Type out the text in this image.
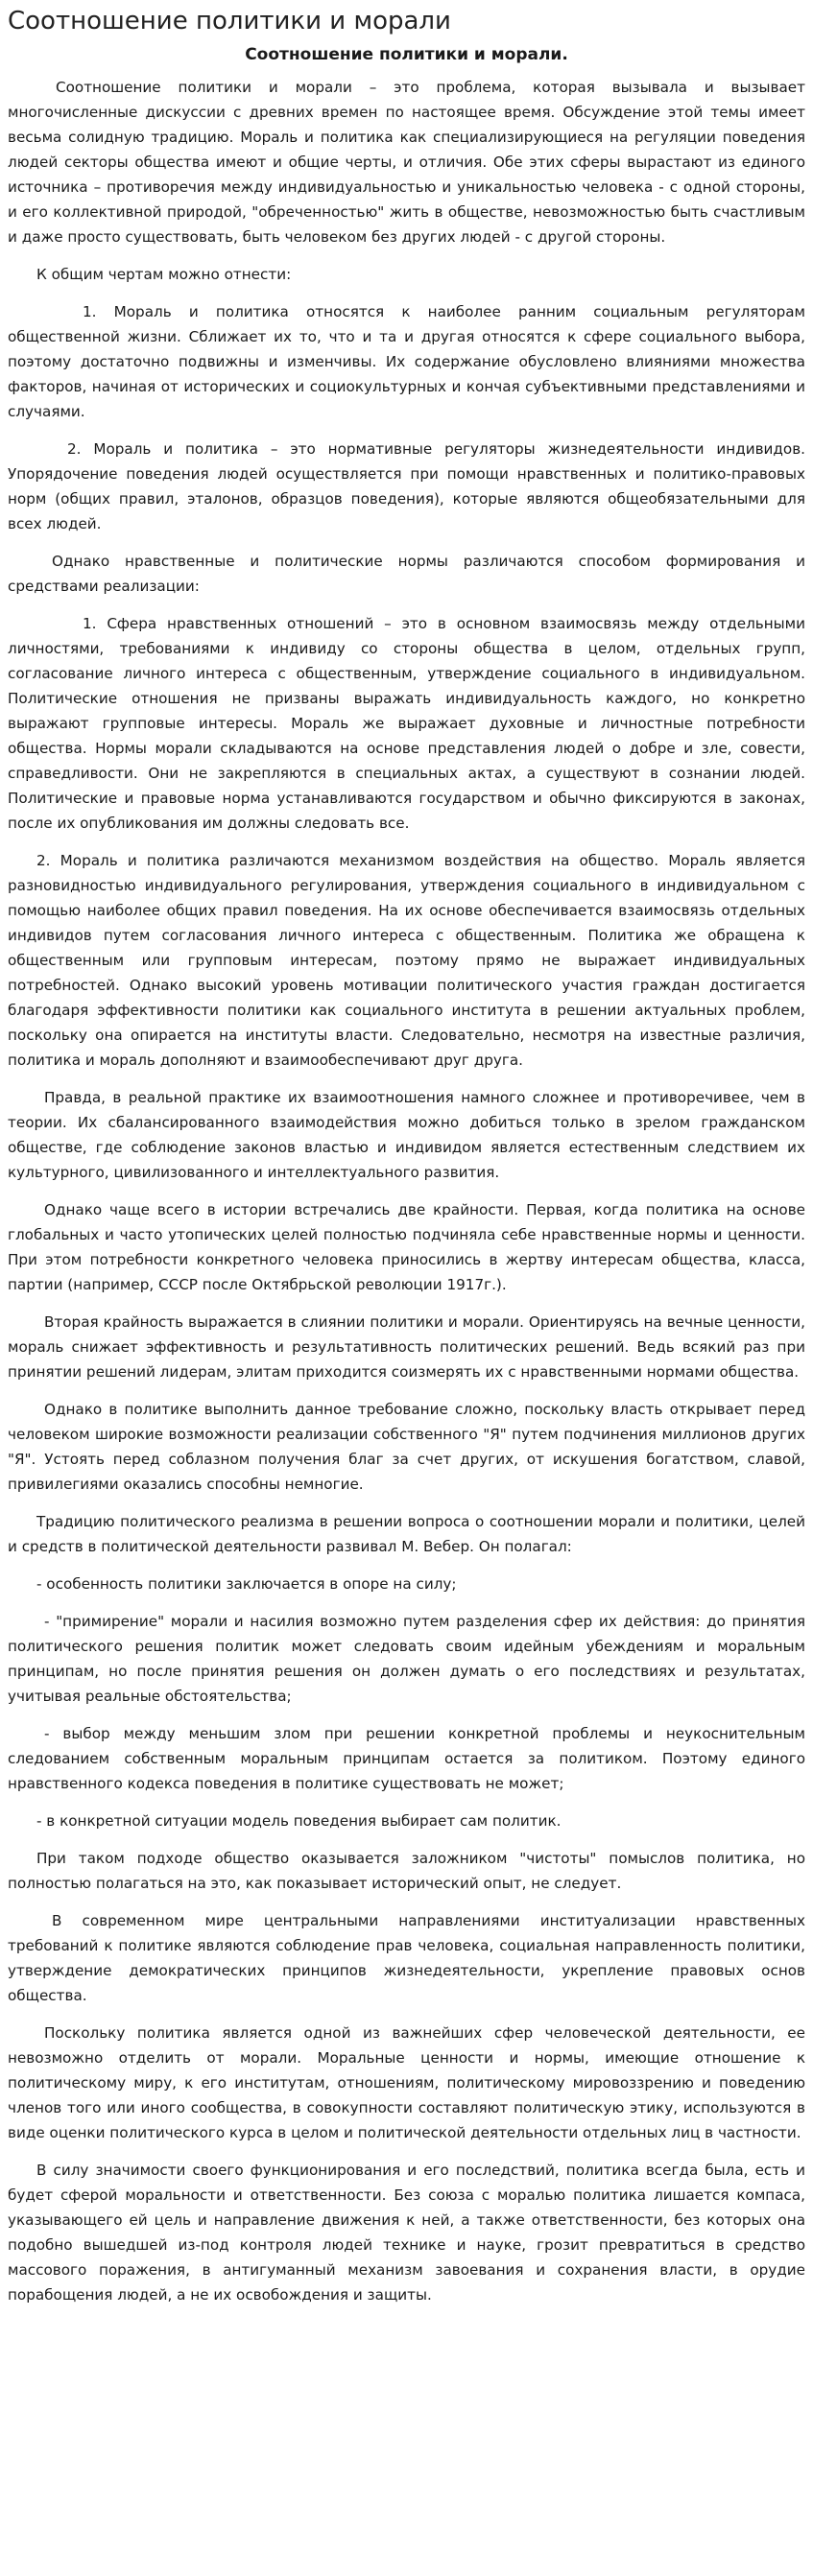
Соотношение политики и морали
Соотношение политики и морали.

Соотношение политики и морали – это проблема, которая вызывала и вызывает многочисленные дискуссии с древних времен по настоящее время. Обсуждение этой темы имеет весьма солидную традицию. Мораль и политика как специализирующиеся на регуляции поведения людей секторы общества имеют и общие черты, и отличия. Обе этих сферы вырастают из единого источника – противоречия между индивидуальностью и уникальностью человека - с одной стороны, и его коллективной природой, "обреченностью" жить в обществе, невозможностью быть счастливым и даже просто существовать, быть человеком без других людей - с другой стороны.

К общим чертам можно отнести:

1. Мораль и политика относятся к наиболее ранним социальным регуляторам общественной жизни. Сближает их то, что и та и другая относятся к сфере социального выбора, поэтому достаточно подвижны и изменчивы. Их содержание обусловлено влияниями множества факторов, начиная от исторических и социокультурных и кончая субъективными представлениями и случаями.

2. Мораль и политика – это нормативные регуляторы жизнедеятельности индивидов. Упорядочение поведения людей осуществляется при помощи нравственных и политико-правовых норм (общих правил, эталонов, образцов поведения), которые являются общеобязательными для всех людей.

Однако нравственные и политические нормы различаются способом формирования и средствами реализации:

1. Сфера нравственных отношений – это в основном взаимосвязь между отдельными личностями, требованиями к индивиду со стороны общества в целом, отдельных групп, согласование личного интереса с общественным, утверждение социального в индивидуальном. Политические отношения не призваны выражать индивидуальность каждого, но конкретно выражают групповые интересы. Мораль же выражает духовные и личностные потребности общества. Нормы морали складываются на основе представления людей о добре и зле, совести, справедливости. Они не закрепляются в специальных актах, а существуют в сознании людей. Политические и правовые норма устанавливаются государством и обычно фиксируются в законах, после их опубликования им должны следовать все.

2. Мораль и политика различаются механизмом воздействия на общество. Мораль является разновидностью индивидуального регулирования, утверждения социального в индивидуальном с помощью наиболее общих правил поведения. На их основе обеспечивается взаимосвязь отдельных индивидов путем согласования личного интереса с общественным. Политика же обращена к общественным или групповым интересам, поэтому прямо не выражает индивидуальных потребностей. Однако высокий уровень мотивации политического участия граждан достигается благодаря эффективности политики как социального института в решении актуальных проблем, поскольку она опирается на институты власти. Следовательно, несмотря на известные различия, политика и мораль дополняют и взаимообеспечивают друг друга.

Правда, в реальной практике их взаимоотношения намного сложнее и противоречивее, чем в теории. Их сбалансированного взаимодействия можно добиться только в зрелом гражданском обществе, где соблюдение законов властью и индивидом является естественным следствием их культурного, цивилизованного и интеллектуального развития.

Однако чаще всего в истории встречались две крайности. Первая, когда политика на основе глобальных и часто утопических целей полностью подчиняла себе нравственные нормы и ценности. При этом потребности конкретного человека приносились в жертву интересам общества, класса, партии (например, СССР после Октябрьской революции 1917г.).

Вторая крайность выражается в слиянии политики и морали. Ориентируясь на вечные ценности, мораль снижает эффективность и результативность политических решений. Ведь всякий раз при принятии решений лидерам, элитам приходится соизмерять их с нравственными нормами общества.

Однако в политике выполнить данное требование сложно, поскольку власть открывает перед человеком широкие возможности реализации собственного "Я" путем подчинения миллионов других "Я". Устоять перед соблазном получения благ за счет других, от искушения богатством, славой, привилегиями оказались способны немногие.

Традицию политического реализма в решении вопроса о соотношении морали и политики, целей и средств в политической деятельности развивал М. Вебер. Он полагал:

- особенность политики заключается в опоре на силу;

- "примирение" морали и насилия возможно путем разделения сфер их действия: до принятия политического решения политик может следовать своим идейным убеждениям и моральным принципам, но после принятия решения он должен думать о его последствиях и результатах, учитывая реальные обстоятельства;

- выбор между меньшим злом при решении конкретной проблемы и неукоснительным следованием собственным моральным принципам остается за политиком. Поэтому единого нравственного кодекса поведения в политике существовать не может;

- в конкретной ситуации модель поведения выбирает сам политик.

При таком подходе общество оказывается заложником "чистоты" помыслов политика, но полностью полагаться на это, как показывает исторический опыт, не следует.

В современном мире центральными направлениями институализации нравственных требований к политике являются соблюдение прав человека, социальная направленность политики, утверждение демократических принципов жизнедеятельности, укрепление правовых основ общества.

Поскольку политика является одной из важнейших сфер человеческой деятельности, ее невозможно отделить от морали. Моральные ценности и нормы, имеющие отношение к политическому миру, к его институтам, отношениям, политическому мировоззрению и поведению членов того или иного сообщества, в совокупности составляют политическую этику, используются в виде оценки политического курса в целом и политической деятельности отдельных лиц в частности.

В силу значимости своего функционирования и его последствий, политика всегда была, есть и будет сферой моральности и ответственности. Без союза с моралью политика лишается компаса, указывающего ей цель и направление движения к ней, а также ответственности, без которых она подобно вышедшей из-под контроля людей технике и науке, грозит превратиться в средство массового поражения, в антигуманный механизм завоевания и сохранения власти, в орудие порабощения людей, а не их освобождения и защиты.
